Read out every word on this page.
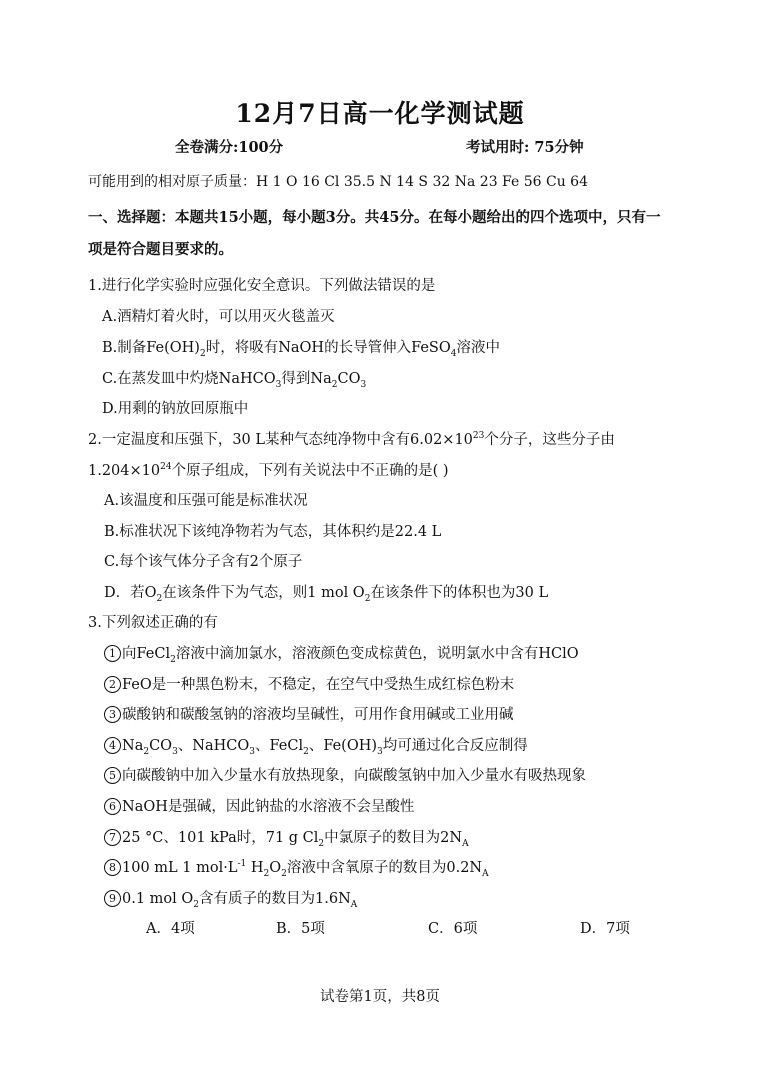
12月7日高一化学测试题
全卷满分:100分	考试用时: 75分钟
可能用到的相对原子质量：H 1 O 16 Cl 35.5 N 14 S 32 Na 23 Fe 56 Cu 64
一、选择题：本题共15小题，每小题3分。共45分。在每小题给出的四个选项中，只有一
项是符合题目要求的。
1.进行化学实验时应强化安全意识。下列做法错误的是
A.酒精灯着火时，可以用灭火毯盖灭
B.制备$Fe(OH)_2$时，将吸有NaOH的长导管伸入FeSO$_4$溶液中
C.在蒸发皿中灼烧NaHCO$_3$得到$Na_2CO_3$
D.用剩的钠放回原瓶中
2.一定温度和压强下，30 L某种气态纯净物中含有$6.02\times 10^{23}$个分子，这些分子由
$1.204\times 10^{24}$个原子组成，下列有关说法中不正确的是( )
A.该温度和压强可能是标准状况
B.标准状况下该纯净物若为气态，其体积约是22.4 L
C.每个该气体分子含有2个原子
D．若$O_2$在该条件下为气态，则1 mol $O_2$在该条件下的体积也为30 L
3.下列叙述正确的有
1 向FeCl$_2$溶液中滴加氯水，溶液颜色变成棕黄色，说明氯水中含有HClO
2 FeO是一种黑色粉末，不稳定，在空气中受热生成红棕色粉末
3 碳酸钠和碳酸氢钠的溶液均呈碱性，可用作食用碱或工业用碱
4 $Na_2CO_3$、NaHCO$_3$、FeCl$_2$、$Fe(OH)_3$均可通过化合反应制得
5 向碳酸钠中加入少量水有放热现象，向碳酸氢钠中加入少量水有吸热现象
6 NaOH是强碱，因此钠盐的水溶液不会呈酸性
7 25 °C、101 kPa时，71 g $Cl_2$中氯原子的数目为$2N_A$
8 100 mL 1 $mol\cdot L^{-1}$ $H_2O_2$溶液中含氧原子的数目为$0.2N_A$
9 0.1 mol $O_2$含有质子的数目为$1.6N_A$
A．4项	B．5项	C．6项	D．7项
试卷第1页，共8页
